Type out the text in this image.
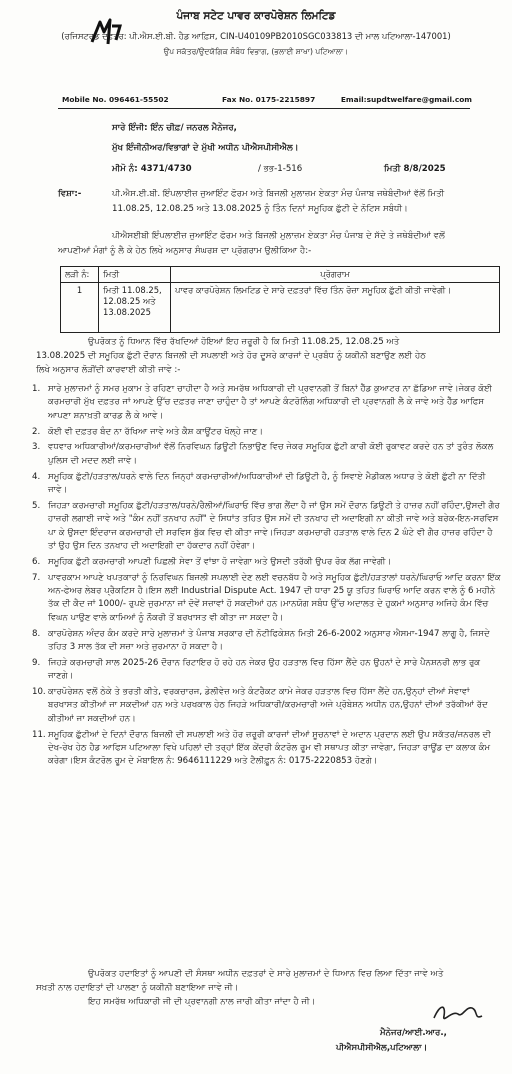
ਪੰਜਾਬ ਸਟੇਟ ਪਾਵਰ ਕਾਰਪੋਰੇਸ਼ਨ ਲਿਮਟਿਡ
(ਰਜਿਸਟਰਡ ਦਫ਼ਤਰ: ਪੀ.ਐਸ.ਈ.ਬੀ. ਹੈਡ ਆਫ਼ਿਸ, CIN-U40109PB2010SGC033813 ਦੀ ਮਾਲ ਪਟਿਆਲਾ-147001)
ਉਪ ਸਕੱਤਰ/ਉਦਯੋਗਿਕ ਸੰਬੰਧ ਵਿਭਾਗ, (ਭਲਾਈ ਸ਼ਾਖਾ) ਪਟਿਆਲਾ।
Mobile No. 096461-55502	Fax No. 0175-2215897	Email:supdtwelfare@gmail.com
ਸਾਰੇ ਇੰਜੀ: ਇੰਨ ਚੀਫ਼/ ਜਨਰਲ ਮੈਨੇਜਰ,
ਮੁੱਖ ਇੰਜੀਨੀਅਰ/ਵਿਭਾਗਾਂ ਦੇ ਮੁੱਖੀ ਅਧੀਨ ਪੀਐਸਪੀਸੀਐਲ।
ਮੀਮੋ ਨੰ: 4371/4730	/ ਭਭ-1-516	ਮਿਤੀ 8/8/2025
ਵਿਸ਼ਾ:-	ਪੀ.ਐਸ.ਈ.ਬੀ. ਇੰਪਲਾਈਜ਼ ਜੁਆਇੰਟ ਫੋਰਮ ਅਤੇ ਬਿਜਲੀ ਮੁਲਾਜ਼ਮ ਏਕਤਾ ਮੰਚ ਪੰਜਾਬ ਜਥੇਬੰਦੀਆਂ ਵੱਲੋਂ ਮਿਤੀ
11.08.25, 12.08.25 ਅਤੇ 13.08.2025 ਨੂੰ ਤਿੰਨ ਦਿਨਾਂ ਸਮੂਹਿਕ ਛੁੱਟੀ ਦੇ ਨੋਟਿਸ ਸਬੰਧੀ।
ਪੀਐਸਈਬੀ ਇੰਪਲਾਈਜ਼ ਜੁਆਇੰਟ ਫੋਰਮ ਅਤੇ ਬਿਜਲੀ ਮੁਲਾਜ਼ਮ ਏਕਤਾ ਮੰਚ ਪੰਜਾਬ ਦੇ ਸੱਦੇ ਤੇ ਜਥੇਬੰਦੀਆਂ ਵਲੋਂ
ਆਪਣੀਆਂ ਮੰਗਾਂ ਨੂੰ ਲੈ ਕੇ ਹੇਠ ਲਿਖੇ ਅਨੁਸਾਰ ਸੰਘਰਸ਼ ਦਾ ਪ੍ਰੋਗਰਾਮ ਉਲੀਕਿਆ ਹੈ:-
ਲੜੀ ਨੰ:	ਮਿਤੀ	ਪ੍ਰੋਗਰਾਮ
1	ਮਿਤੀ 11.08.25,
12.08.25 ਅਤੇ
13.08.2025	ਪਾਵਰ ਕਾਰਪੋਰੇਸ਼ਨ ਲਿਮਟਿਡ ਦੇ ਸਾਰੇ ਦਫ਼ਤਰਾਂ ਵਿੱਚ ਤਿੰਨ ਰੋਜ਼ਾ ਸਮੂਹਿਕ ਛੁੱਟੀ ਕੀਤੀ ਜਾਵੇਗੀ।
ਉਪਰੋਕਤ ਨੂੰ ਧਿਆਨ ਵਿੱਚ ਰੱਖਦਿਆਂ ਹੋਇਆਂ ਇਹ ਜ਼ਰੂਰੀ ਹੈ ਕਿ ਮਿਤੀ 11.08.25, 12.08.25 ਅਤੇ
13.08.2025 ਦੀ ਸਮੂਹਿਕ ਛੁੱਟੀ ਦੌਰਾਨ ਬਿਜਲੀ ਦੀ ਸਪਲਾਈ ਅਤੇ ਹੋਰ ਦੂਸਰੇ ਕਾਰਜਾਂ ਦੇ ਪ੍ਰਬੰਧ ਨੂੰ ਯਕੀਨੀ ਬਣਾਉਣ ਲਈ ਹੇਠ
ਲਿਖੇ ਅਨੁਸਾਰ ਲੋੜੀਂਦੀ ਕਾਰਵਾਈ ਕੀਤੀ ਜਾਵੇ :-
1. ਸਾਰੇ ਮੁਲਾਜ਼ਮਾਂ ਨੂੰ ਸਮਰ ਮੁਕਾਮ ਤੇ ਰਹਿਣਾ ਚਾਹੀਦਾ ਹੈ ਅਤੇ ਸਮਰੱਥ ਅਧਿਕਾਰੀ ਦੀ ਪ੍ਰਵਾਨਗੀ ਤੋਂ ਬਿਨਾਂ ਹੈੱਡ ਕੁਆਟਰ ਨਾ ਛੱਡਿਆ ਜਾਵੇ।ਜੇਕਰ ਕੋਈ ਕਰਮਚਾਰੀ ਮੁੱਖ ਦਫ਼ਤਰ ਜਾਂ ਆਪਣੇ ਉੱਚ ਦਫ਼ਤਰ ਜਾਣਾ ਚਾਹੁੰਦਾ ਹੈ ਤਾਂ ਆਪਣੇ ਕੰਟਰੋਲਿੰਗ ਅਧਿਕਾਰੀ ਦੀ ਪ੍ਰਵਾਨਗੀ ਲੈ ਕੇ ਜਾਵੇ ਅਤੇ ਹੈੱਡ ਆਫਿਸ ਆਪਣਾ ਸ਼ਨਾਖ਼ਤੀ ਕਾਰਡ ਲੈ ਕੇ ਆਵੇ।
2. ਕੋਈ ਵੀ ਦਫ਼ਤਰ ਬੰਦ ਨਾ ਰੱਖਿਆ ਜਾਵੇ ਅਤੇ ਕੈਸ਼ ਕਾਊਂਟਰ ਖੋਲ੍ਹੇ ਜਾਣ।
3. ਵਧਵਾਰ ਅਧਿਕਾਰੀਆਂ/ਕਰਮਚਾਰੀਆਂ ਵੱਲੋਂ ਨਿਰਵਿਘਨ ਡਿਊਟੀ ਨਿਭਾਉਣ ਵਿਚ ਜੇਕਰ ਸਮੂਹਿਕ ਛੁੱਟੀ ਕਾਰੀ ਕੋਈ ਰੁਕਾਵਟ ਕਰਦੇ ਹਨ ਤਾਂ ਤੁਰੰਤ ਲੋਕਲ ਪੁਲਿਸ ਦੀ ਮਦਦ ਲਈ ਜਾਵੇ।
4. ਸਮੂਹਿਕ ਛੁੱਟੀ/ਹੜਤਾਲ/ਧਰਨੇ ਵਾਲੇ ਦਿਨ ਜਿਨ੍ਹਾਂ ਕਰਮਚਾਰੀਆਂ/ਅਧਿਕਾਰੀਆਂ ਦੀ ਡਿਊਟੀ ਹੈ, ਨੂੰ ਸਿਵਾਏ ਮੈਡੀਕਲ ਅਧਾਰ ਤੇ ਕੋਈ ਛੁੱਟੀ ਨਾ ਦਿੱਤੀ ਜਾਵੇ।
5. ਜਿਹੜਾ ਕਰਮਚਾਰੀ ਸਮੂਹਿਕ ਛੁੱਟੀ/ਹੜਤਾਲ/ਧਰਨੇ/ਰੈਲੀਆਂ/ਘਿਰਾਓ ਵਿੱਚ ਭਾਗ ਲੈਂਦਾ ਹੈ ਜਾਂ ਉਸ ਸਮੇਂ ਦੌਰਾਨ ਡਿਊਟੀ ਤੇ ਹਾਜ਼ਰ ਨਹੀਂ ਰਹਿੰਦਾ,ਉਸਦੀ ਗੈਰ ਹਾਜ਼ਰੀ ਲਗਾਈ ਜਾਵੇ ਅਤੇ "ਕੰਮ ਨਹੀਂ ਤਨਖਾਹ ਨਹੀਂ" ਦੇ ਸਿਧਾਂਤ ਤਹਿਤ ਉਸ ਸਮੇਂ ਦੀ ਤਨਖਾਹ ਦੀ ਅਦਾਇਗੀ ਨਾ ਕੀਤੀ ਜਾਵੇ ਅਤੇ ਬਰੇਕ-ਇਨ-ਸਰਵਿਸ ਪਾ ਕੇ ਉਸਦਾ ਇੰਦਰਾਜ ਕਰਮਚਾਰੀ ਦੀ ਸਰਵਿਸ ਬੁੱਕ ਵਿਚ ਵੀ ਕੀਤਾ ਜਾਵੇ।ਜਿਹੜਾ ਕਰਮਚਾਰੀ ਹੜਤਾਲ ਵਾਲੇ ਦਿਨ 2 ਘੰਟੇ ਵੀ ਗੈਰ ਹਾਜ਼ਰ ਰਹਿੰਦਾ ਹੈ ਤਾਂ ਉਹ ਉਸ ਦਿਨ ਤਨਖਾਹ ਦੀ ਅਦਾਇਗੀ ਦਾ ਹੱਕਦਾਰ ਨਹੀਂ ਹੋਵੇਗਾ।
6. ਸਮੂਹਿਕ ਛੁੱਟੀ ਕਰਮਚਾਰੀ ਆਪਣੀ ਪਿਛਲੀ ਸੇਵਾ ਤੋਂ ਵਾਂਝਾ ਹੋ ਜਾਵੇਗਾ ਅਤੇ ਉਸਦੀ ਤਰੱਕੀ ਉਪਰ ਰੋਕ ਲੱਗ ਜਾਵੇਗੀ।
7. ਪਾਵਰਕਾਮ ਆਪਣੇ ਖਪਤਕਾਰਾਂ ਨੂੰ ਨਿਰਵਿਘਨ ਬਿਜਲੀ ਸਪਲਾਈ ਦੇਣ ਲਈ ਵਚਨਬੱਧ ਹੈ ਅਤੇ ਸਮੂਹਿਕ ਛੁੱਟੀ/ਹੜਤਾਲਾਂ ਧਰਨੇ/ਘਿਰਾਓ ਆਦਿ ਕਰਨਾ ਇੱਕ ਅਨ-ਫੇਅਰ ਲੇਬਰ ਪ੍ਰੈਕਟਿਸ ਹੈ।ਇਸ ਲਈ Industrial Dispute Act. 1947 ਦੀ ਧਾਰਾ 25 ਯੂ ਤਹਿਤ ਘਿਰਾਓ ਆਦਿ ਕਰਨ ਵਾਲੇ ਨੂੰ 6 ਮਹੀਨੇ ਤੱਕ ਦੀ ਕੈਦ ਜਾਂ 1000/- ਰੁਪਏ ਜੁਰਮਾਨਾ ਜਾਂ ਦੋਵੇਂ ਸਜ਼ਾਵਾਂ ਹੋ ਸਕਦੀਆਂ ਹਨ।ਮਾਨਯੋਗ ਸਬੰਧ ਉੱਚ ਅਦਾਲਤ ਦੇ ਹੁਕਮਾਂ ਅਨੁਸਾਰ ਅਜਿਹੇ ਕੰਮ ਵਿੱਚ ਵਿਘਨ ਪਾਉਣ ਵਾਲੇ ਕਾਮਿਆਂ ਨੂੰ ਨੌਕਰੀ ਤੋਂ ਬਰਖਾਸਤ ਵੀ ਕੀਤਾ ਜਾ ਸਕਦਾ ਹੈ।
8. ਕਾਰਪੋਰੇਸ਼ਨ ਅੰਦਰ ਕੰਮ ਕਰਦੇ ਸਾਰੇ ਮੁਲਾਜ਼ਮਾਂ ਤੇ ਪੰਜਾਬ ਸਰਕਾਰ ਦੀ ਨੋਟੀਫਿਕੇਸ਼ਨ ਮਿਤੀ 26-6-2002 ਅਨੁਸਾਰ ਐਸਮਾ-1947 ਲਾਗੂ ਹੈ, ਜਿਸਦੇ ਤਹਿਤ 3 ਸਾਲ ਤੱਕ ਦੀ ਸਜ਼ਾ ਅਤੇ ਜੁਰਮਾਨਾ ਹੋ ਸਕਦਾ ਹੈ।
9. ਜਿਹੜੇ ਕਰਮਚਾਰੀ ਸਾਲ 2025-26 ਦੌਰਾਨ ਰਿਟਾਇਰ ਹੋ ਰਹੇ ਹਨ ਜੇਕਰ ਉਹ ਹੜਤਾਲ ਵਿਚ ਹਿੱਸਾ ਲੈਂਦੇ ਹਨ ਉਹਨਾਂ ਦੇ ਸਾਰੇ ਪੈਨਸ਼ਨਰੀ ਲਾਭ ਰੁਕ ਜਾਣਗੇ।
10. ਕਾਰਪੋਰੇਸ਼ਨ ਵਲੋਂ ਠੇਕੇ ਤੇ ਭਰਤੀ ਕੀਤੇ, ਵਰਕਚਾਰਜ, ਡੇਲੀਵੇਜ਼ ਅਤੇ ਕੰਟਰੈਕਟ ਕਾਮੇ ਜੇਕਰ ਹੜਤਾਲ ਵਿਚ ਹਿੱਸਾ ਲੈਂਦੇ ਹਨ,ਉਨ੍ਹਾਂ ਦੀਆਂ ਸੇਵਾਵਾਂ ਬਰਖਾਸਤ ਕੀਤੀਆਂ ਜਾ ਸਕਦੀਆਂ ਹਨ ਅਤੇ ਪਰਖਕਾਲ ਹੇਠ ਜਿਹੜੇ ਅਧਿਕਾਰੀ/ਕਰਮਚਾਰੀ ਅਜੇ ਪ੍ਰੋਬੇਸ਼ਨ ਅਧੀਨ ਹਨ,ਉਹਨਾਂ ਦੀਆਂ ਤਰੱਕੀਆਂ ਰੱਦ ਕੀਤੀਆਂ ਜਾ ਸਕਦੀਆਂ ਹਨ।
11. ਸਮੂਹਿਕ ਛੁੱਟੀਆਂ ਦੇ ਦਿਨਾਂ ਦੌਰਾਨ ਬਿਜਲੀ ਦੀ ਸਪਲਾਈ ਅਤੇ ਹੋਰ ਜ਼ਰੂਰੀ ਕਾਰਜਾਂ ਦੀਆਂ ਸੂਚਨਾਵਾਂ ਦੇ ਅਦਾਨ ਪ੍ਰਦਾਨ ਲਈ ਉਪ ਸਕੱਤਰ/ਜਨਰਲ ਦੀ ਦੇਖ-ਰੇਖ ਹੇਠ ਹੈਡ ਆਫਿਸ ਪਟਿਆਲਾ ਵਿਖੇ ਪਹਿਲਾਂ ਦੀ ਤਰ੍ਹਾਂ ਇੱਕ ਕੇਂਦਰੀ ਕੰਟਰੋਲ ਰੂਮ ਵੀ ਸਥਾਪਤ ਕੀਤਾ ਜਾਵੇਗਾ, ਜਿਹੜਾ ਰਾਊਂਡ ਦਾ ਕਲਾਕ ਕੰਮ ਕਰੇਗਾ।ਇਸ ਕੰਟਰੋਲ ਰੂਮ ਦੇ ਮੋਬਾਇਲ ਨੰ: 9646111229 ਅਤੇ ਟੈਲੀਫ਼ੂਨ ਨੰ: 0175-2220853 ਹੋਣਗੇ।
ਉਪਰੋਕਤ ਹਦਾਇਤਾਂ ਨੂੰ ਆਪਣੀ ਦੀ ਸੰਸਥਾ ਅਧੀਨ ਦਫ਼ਤਰਾਂ ਦੇ ਸਾਰੇ ਮੁਲਾਜ਼ਮਾਂ ਦੇ ਧਿਆਨ ਵਿਚ ਲਿਆ ਦਿੱਤਾ ਜਾਵੇ ਅਤੇ
ਸਖ਼ਤੀ ਨਾਲ ਹਦਾਇਤਾਂ ਦੀ ਪਾਲਣਾ ਨੂੰ ਯਕੀਨੀ ਬਣਾਇਆ ਜਾਵੇ ਜੀ।
ਇਹ ਸਮਰੱਥ ਅਧਿਕਾਰੀ ਜੀ ਦੀ ਪ੍ਰਵਾਨਗੀ ਨਾਲ ਜਾਰੀ ਕੀਤਾ ਜਾਂਦਾ ਹੈ ਜੀ।
ਮੈਨੇਜਰ/ਆਈ.ਆਰ.,
ਪੀਐਸਪੀਸੀਐਲ,ਪਟਿਆਲਾ।
